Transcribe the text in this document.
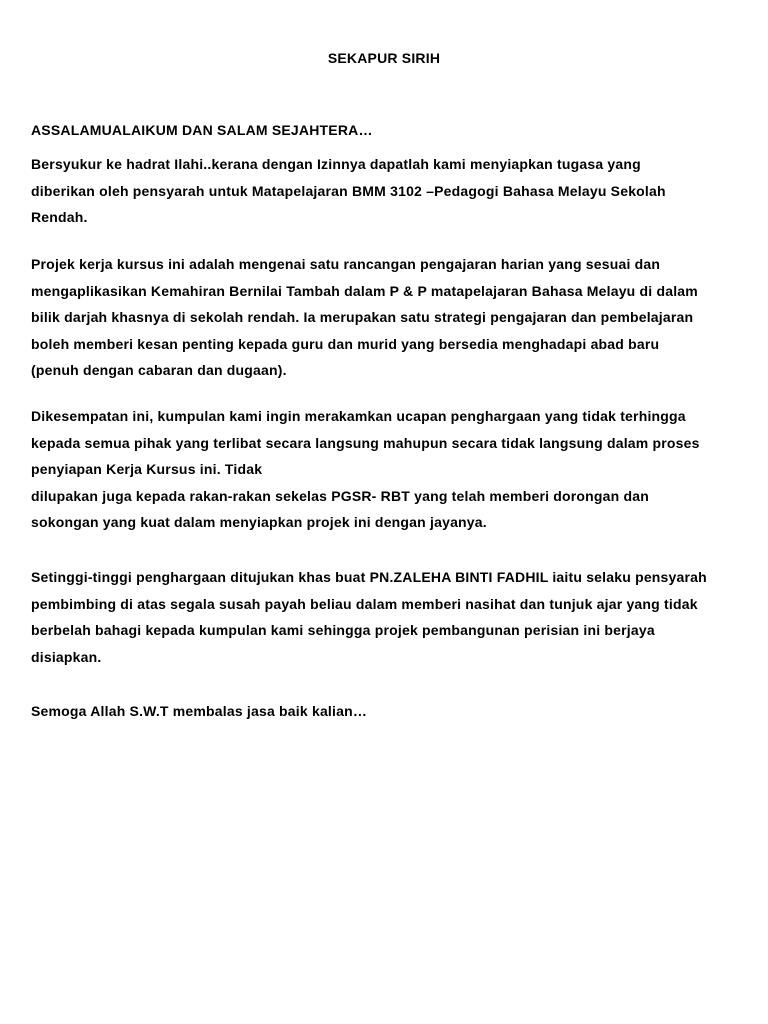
SEKAPUR SIRIH
ASSALAMUALAIKUM DAN SALAM SEJAHTERA…
Bersyukur ke hadrat Ilahi..kerana dengan Izinnya dapatlah kami menyiapkan tugasa yang
diberikan oleh pensyarah untuk Matapelajaran BMM 3102 –Pedagogi Bahasa Melayu Sekolah
Rendah.
Projek kerja kursus ini adalah mengenai satu rancangan pengajaran harian yang sesuai dan
mengaplikasikan Kemahiran Bernilai Tambah dalam P & P matapelajaran Bahasa Melayu di dalam
bilik darjah khasnya di sekolah rendah. Ia merupakan satu strategi pengajaran dan pembelajaran
boleh memberi kesan penting kepada guru dan murid yang bersedia menghadapi abad baru
(penuh dengan cabaran dan dugaan).
Dikesempatan ini, kumpulan kami ingin merakamkan ucapan penghargaan yang tidak terhingga
kepada semua pihak yang terlibat secara langsung mahupun secara tidak langsung dalam proses
penyiapan Kerja Kursus ini. Tidak
dilupakan juga kepada rakan-rakan sekelas PGSR- RBT yang telah memberi dorongan dan
sokongan yang kuat dalam menyiapkan projek ini dengan jayanya.
Setinggi-tinggi penghargaan ditujukan khas buat PN.ZALEHA BINTI FADHIL iaitu selaku pensyarah
pembimbing di atas segala susah payah beliau dalam memberi nasihat dan tunjuk ajar yang tidak
berbelah bahagi kepada kumpulan kami sehingga projek pembangunan perisian ini berjaya
disiapkan.
Semoga Allah S.W.T membalas jasa baik kalian…
